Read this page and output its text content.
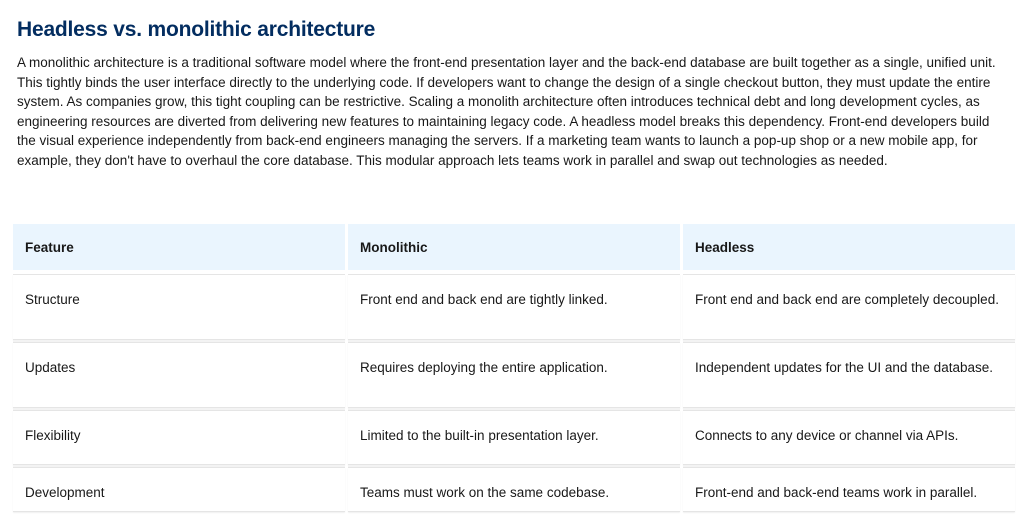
Headless vs. monolithic architecture

A monolithic architecture is a traditional software model where the front-end presentation layer and the back-end database are built together as a single, unified unit. This tightly binds the user interface directly to the underlying code. If developers want to change the design of a single checkout button, they must update the entire system. As companies grow, this tight coupling can be restrictive. Scaling a monolith architecture often introduces technical debt and long development cycles, as engineering resources are diverted from delivering new features to maintaining legacy code. A headless model breaks this dependency. Front-end developers build the visual experience independently from back-end engineers managing the servers. If a marketing team wants to launch a pop-up shop or a new mobile app, for example, they don't have to overhaul the core database. This modular approach lets teams work in parallel and swap out technologies as needed.

Feature	Monolithic	Headless

Structure	Front end and back end are tightly linked.	Front end and back end are completely decoupled.

Updates	Requires deploying the entire application.	Independent updates for the UI and the database.

Flexibility	Limited to the built-in presentation layer.	Connects to any device or channel via APIs.

Development	Teams must work on the same codebase.	Front-end and back-end teams work in parallel.
